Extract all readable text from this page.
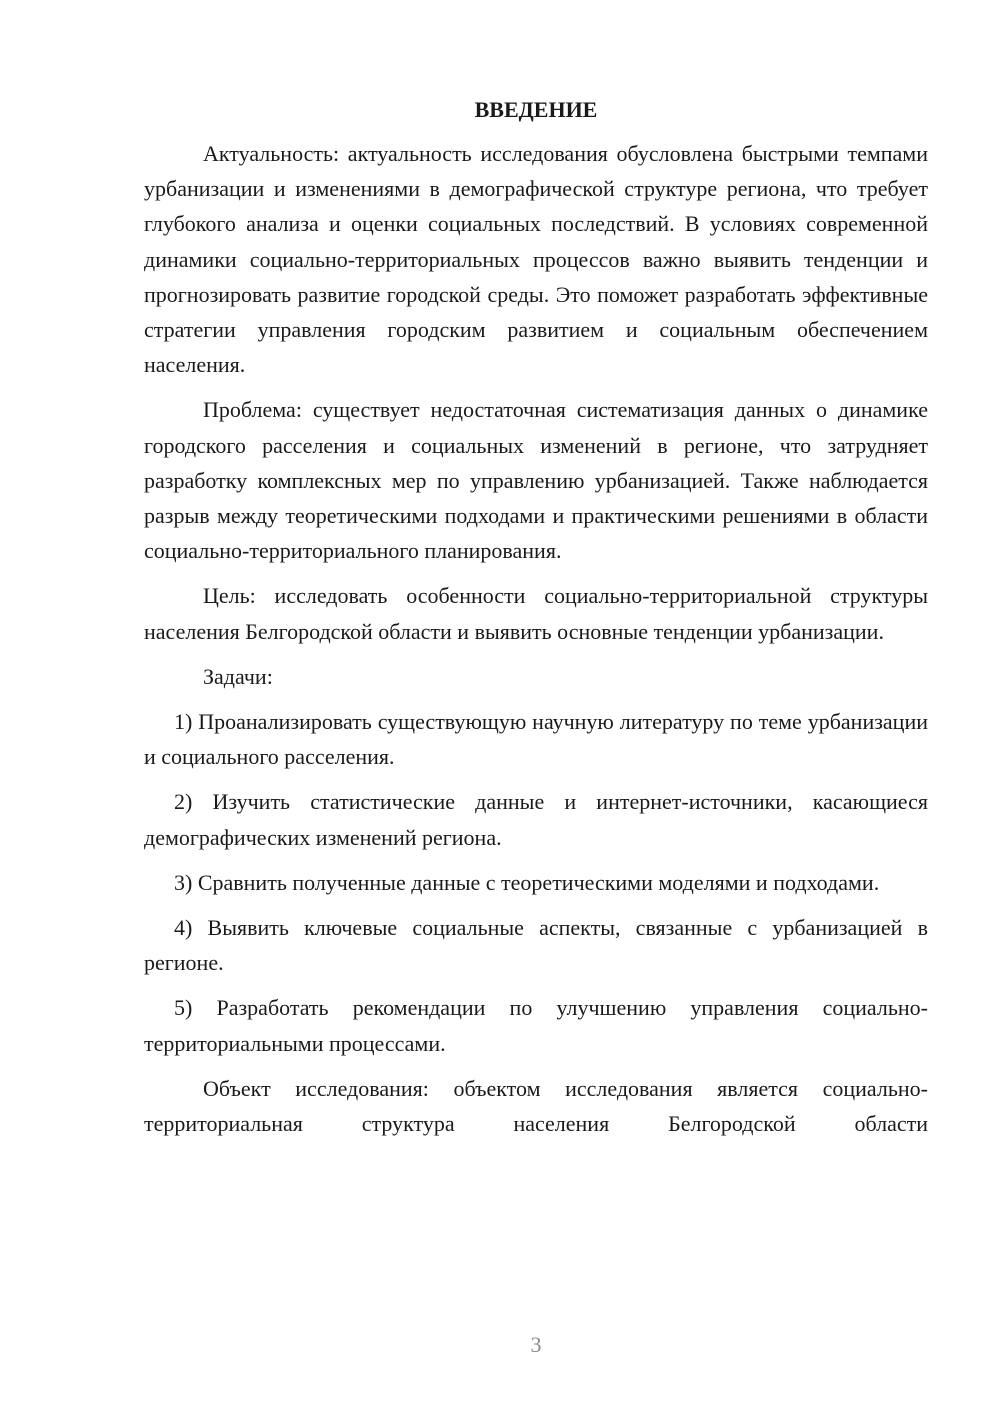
ВВЕДЕНИЕ

Актуальность: актуальность исследования обусловлена быстрыми темпами урбанизации и изменениями в демографической структуре региона, что требует глубокого анализа и оценки социальных последствий. В условиях современной динамики социально-территориальных процессов важно выявить тенденции и прогнозировать развитие городской среды. Это поможет разработать эффективные стратегии управления городским развитием и социальным обеспечением населения.

Проблема: существует недостаточная систематизация данных о динамике городского расселения и социальных изменений в регионе, что затрудняет разработку комплексных мер по управлению урбанизацией. Также наблюдается разрыв между теоретическими подходами и практическими решениями в области социально-территориального планирования.

Цель: исследовать особенности социально-территориальной структуры населения Белгородской области и выявить основные тенденции урбанизации.

Задачи:

1) Проанализировать существующую научную литературу по теме урбанизации и социального расселения.

2) Изучить статистические данные и интернет-источники, касающиеся демографических изменений региона.

3) Сравнить полученные данные с теоретическими моделями и подходами.

4) Выявить ключевые социальные аспекты, связанные с урбанизацией в регионе.

5) Разработать рекомендации по улучшению управления социально-территориальными процессами.

Объект исследования: объектом исследования является социально-территориальная структура населения Белгородской области

3
